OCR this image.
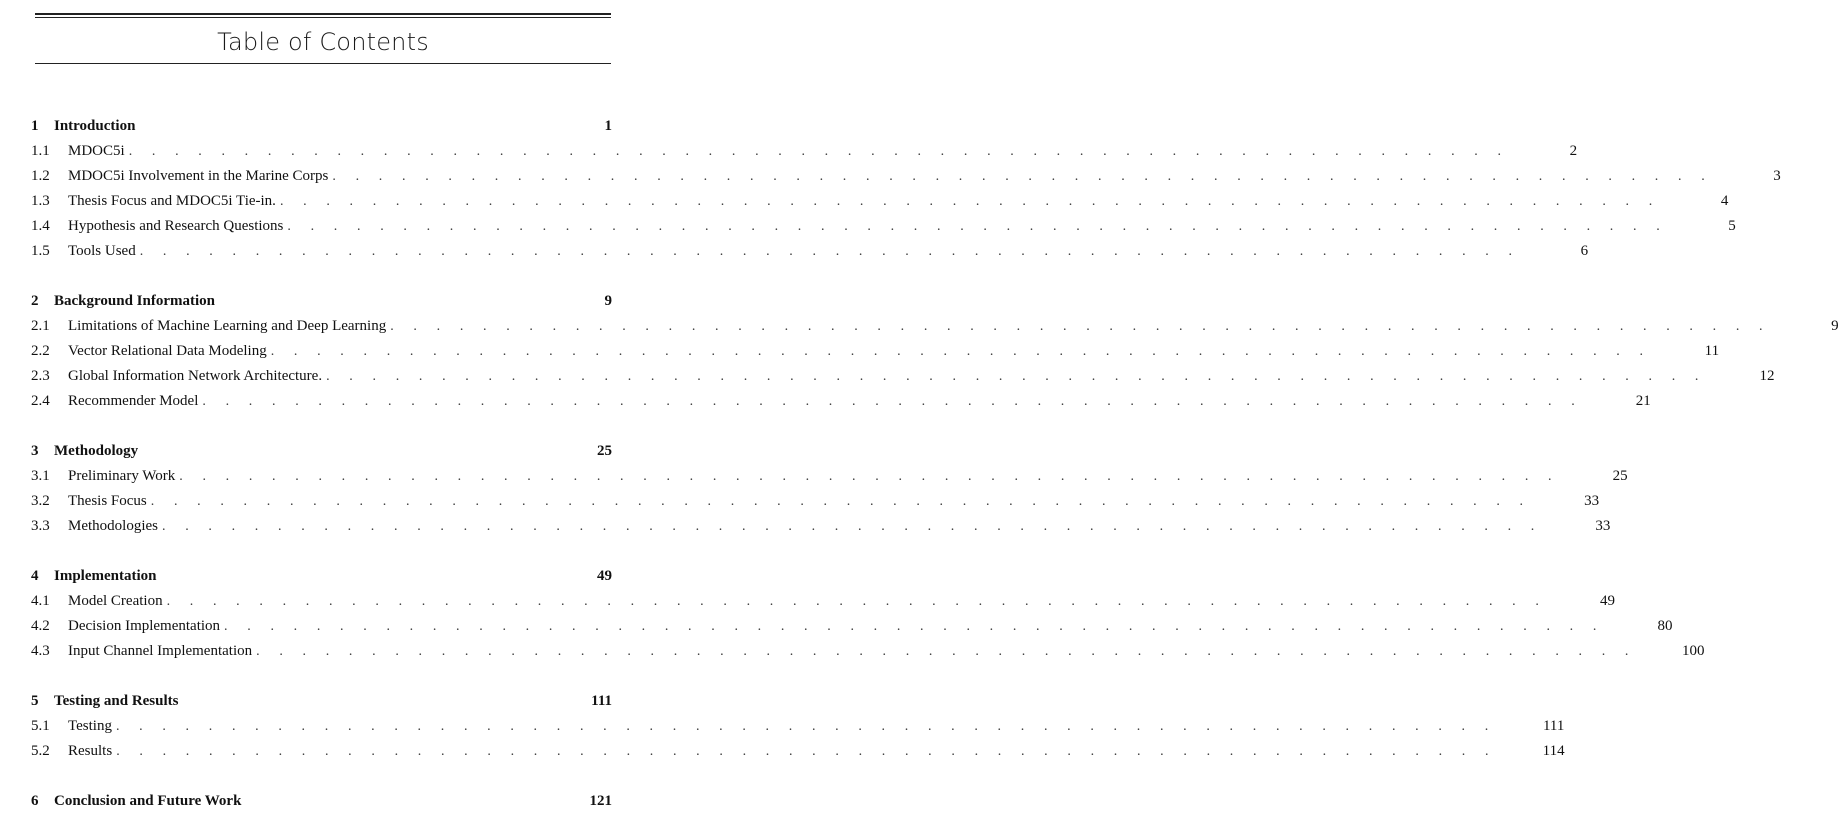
Table of Contents
1	Introduction	1
1.1	MDOC5i . . . . . . . . . . . . . . . . . . . . . . . . . . . . . . . . . . . . . . . . . . . . . . . . . . . . . . . . . . . .	2
1.2	MDOC5i Involvement in the Marine Corps . . . . . . . . . . . . . . . . . . . . . . . . . . . . . . . . . . . . . . . . . . . . . . . . . . . . . . . . . . . .	3
1.3	Thesis Focus and MDOC5i Tie-in. . . . . . . . . . . . . . . . . . . . . . . . . . . . . . . . . . . . . . . . . . . . . . . . . . . . . . . . . . . . .	4
1.4	Hypothesis and Research Questions . . . . . . . . . . . . . . . . . . . . . . . . . . . . . . . . . . . . . . . . . . . . . . . . . . . . . . . . . . . .	5
1.5	Tools Used . . . . . . . . . . . . . . . . . . . . . . . . . . . . . . . . . . . . . . . . . . . . . . . . . . . . . . . . . . . .	6
2	Background Information	9
2.1	Limitations of Machine Learning and Deep Learning . . . . . . . . . . . . . . . . . . . . . . . . . . . . . . . . . . . . . . . . . . . . . . . . . . . . . . . . . . . .	9
2.2	Vector Relational Data Modeling . . . . . . . . . . . . . . . . . . . . . . . . . . . . . . . . . . . . . . . . . . . . . . . . . . . . . . . . . . . .	11
2.3	Global Information Network Architecture. . . . . . . . . . . . . . . . . . . . . . . . . . . . . . . . . . . . . . . . . . . . . . . . . . . . . . . . . . . . .	12
2.4	Recommender Model . . . . . . . . . . . . . . . . . . . . . . . . . . . . . . . . . . . . . . . . . . . . . . . . . . . . . . . . . . . .	21
3	Methodology	25
3.1	Preliminary Work . . . . . . . . . . . . . . . . . . . . . . . . . . . . . . . . . . . . . . . . . . . . . . . . . . . . . . . . . . . .	25
3.2	Thesis Focus . . . . . . . . . . . . . . . . . . . . . . . . . . . . . . . . . . . . . . . . . . . . . . . . . . . . . . . . . . . .	33
3.3	Methodologies . . . . . . . . . . . . . . . . . . . . . . . . . . . . . . . . . . . . . . . . . . . . . . . . . . . . . . . . . . . .	33
4	Implementation	49
4.1	Model Creation . . . . . . . . . . . . . . . . . . . . . . . . . . . . . . . . . . . . . . . . . . . . . . . . . . . . . . . . . . . .	49
4.2	Decision Implementation . . . . . . . . . . . . . . . . . . . . . . . . . . . . . . . . . . . . . . . . . . . . . . . . . . . . . . . . . . . .	80
4.3	Input Channel Implementation . . . . . . . . . . . . . . . . . . . . . . . . . . . . . . . . . . . . . . . . . . . . . . . . . . . . . . . . . . . .	100
5	Testing and Results	111
5.1	Testing . . . . . . . . . . . . . . . . . . . . . . . . . . . . . . . . . . . . . . . . . . . . . . . . . . . . . . . . . . . .	111
5.2	Results . . . . . . . . . . . . . . . . . . . . . . . . . . . . . . . . . . . . . . . . . . . . . . . . . . . . . . . . . . . .	114
6	Conclusion and Future Work	121
